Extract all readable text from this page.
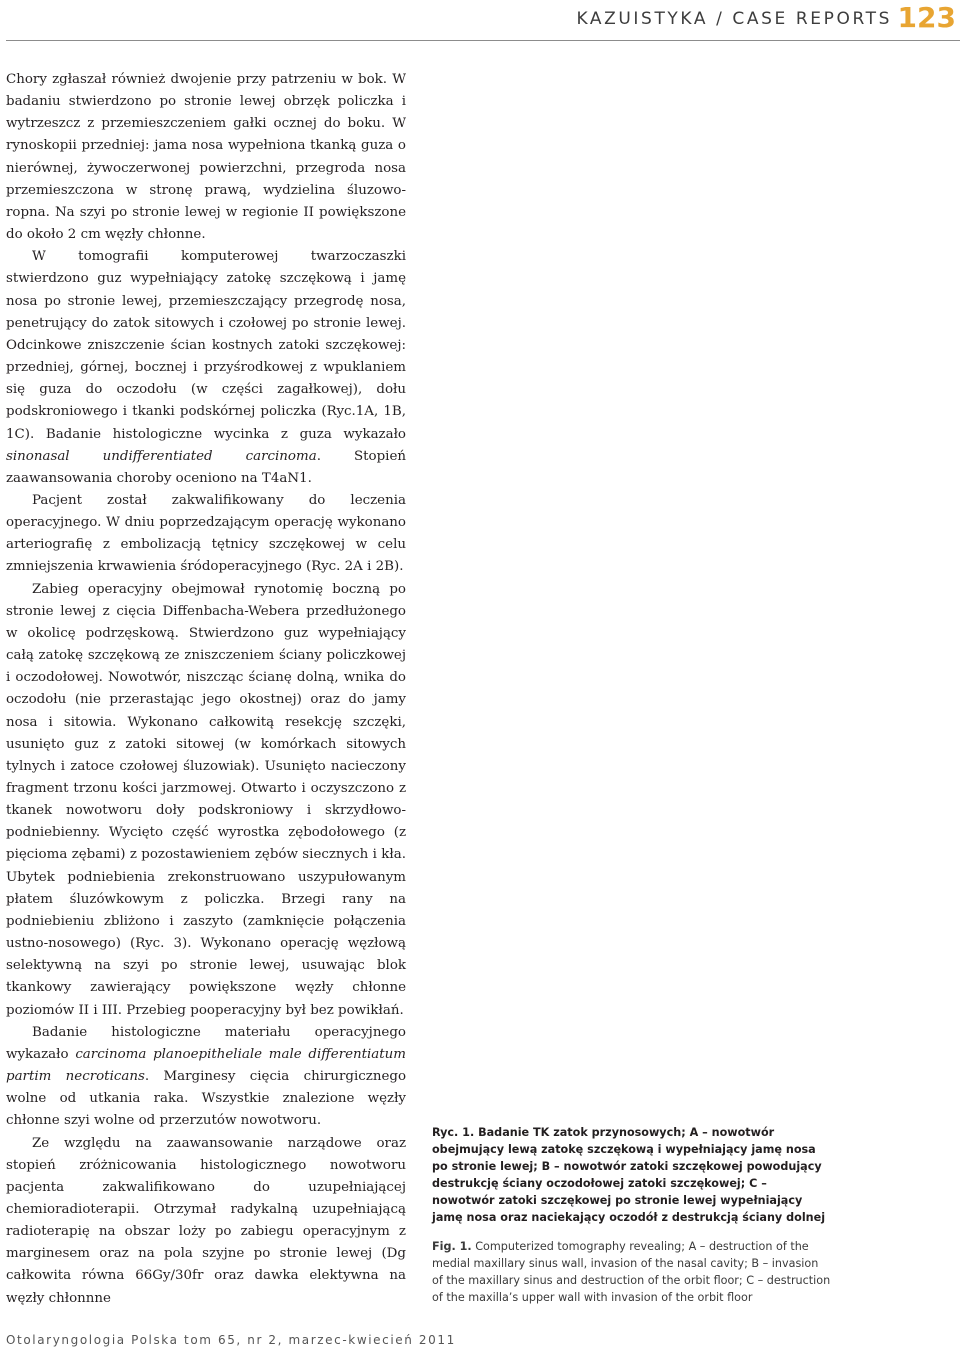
KAZUISTYKA / CASE REPORTS 123

Chory zgłaszał również dwojenie przy patrzeniu w bok. W badaniu stwierdzono po stronie lewej obrzęk policzka i wytrzeszcz z przemieszczeniem gałki ocznej do boku. W rynoskopii przedniej: jama nosa wypełniona tkanką guza o nierównej, żywoczerwonej powierzchni, przegroda nosa przemieszczona w stronę prawą, wydzielina śluzowo-ropna. Na szyi po stronie lewej w regionie II powiększone do około 2 cm węzły chłonne.

W tomografii komputerowej twarzoczaszki stwierdzono guz wypełniający zatokę szczękową i jamę nosa po stronie lewej, przemieszczający przegrodę nosa, penetrujący do zatok sitowych i czołowej po stronie lewej. Odcinkowe zniszczenie ścian kostnych zatoki szczękowej: przedniej, górnej, bocznej i przyśrodkowej z wpuklaniem się guza do oczodołu (w części zagałkowej), dołu podskroniowego i tkanki podskórnej policzka (Ryc.1A, 1B, 1C). Badanie histologiczne wycinka z guza wykazało sinonasal undifferentiated carcinoma. Stopień zaawansowania choroby oceniono na T4aN1.

Pacjent został zakwalifikowany do leczenia operacyjnego. W dniu poprzedzającym operację wykonano arteriografię z embolizacją tętnicy szczękowej w celu zmniejszenia krwawienia śródoperacyjnego (Ryc. 2A i 2B).

Zabieg operacyjny obejmował rynotomię boczną po stronie lewej z cięcia Diffenbacha-Webera przedłużonego w okolicę podrzęskową. Stwierdzono guz wypełniający całą zatokę szczękową ze zniszczeniem ściany policzkowej i oczodołowej. Nowotwór, niszcząc ścianę dolną, wnika do oczodołu (nie przerastając jego okostnej) oraz do jamy nosa i sitowia. Wykonano całkowitą resekcję szczęki, usunięto guz z zatoki sitowej (w komórkach sitowych tylnych i zatoce czołowej śluzowiak). Usunięto nacieczony fragment trzonu kości jarzmowej. Otwarto i oczyszczono z tkanek nowotworu doły podskroniowy i skrzydłowo-podniebienny. Wycięto część wyrostka zębodołowego (z pięcioma zębami) z pozostawieniem zębów siecznych i kła. Ubytek podniebienia zrekonstruowano uszypułowanym płatem śluzówkowym z policzka. Brzegi rany na podniebieniu zbliżono i zaszyto (zamknięcie połączenia ustno-nosowego) (Ryc. 3). Wykonano operację węzłową selektywną na szyi po stronie lewej, usuwając blok tkankowy zawierający powiększone węzły chłonne poziomów II i III. Przebieg pooperacyjny był bez powikłań.

Badanie histologiczne materiału operacyjnego wykazało carcinoma planoepitheliale male differentiatum partim necroticans. Marginesy cięcia chirurgicznego wolne od utkania raka. Wszystkie znalezione węzły chłonne szyi wolne od przerzutów nowotworu.

Ze względu na zaawansowanie narządowe oraz stopień zróżnicowania histologicznego nowotworu pacjenta zakwalifikowano do uzupełniającej chemioradioterapii. Otrzymał radykalną uzupełniającą radioterapię na obszar loży po zabiegu operacyjnym z marginesem oraz na pola szyjne po stronie lewej (Dg całkowita równa 66Gy/30fr oraz dawka elektywna na węzły chłonnne

Ryc. 1. Badanie TK zatok przynosowych; A – nowotwór obejmujący lewą zatokę szczękową i wypełniający jamę nosa po stronie lewej; B – nowotwór zatoki szczękowej powodujący destrukcję ściany oczodołowej zatoki szczękowej; C – nowotwór zatoki szczękowej po stronie lewej wypełniający jamę nosa oraz naciekający oczodół z destrukcją ściany dolnej

Fig. 1. Computerized tomography revealing; A – destruction of the medial maxillary sinus wall, invasion of the nasal cavity; B – invasion of the maxillary sinus and destruction of the orbit floor; C – destruction of the maxilla’s upper wall with invasion of the orbit floor

Otolaryngologia Polska tom 65, nr 2, marzec-kwiecień 2011
